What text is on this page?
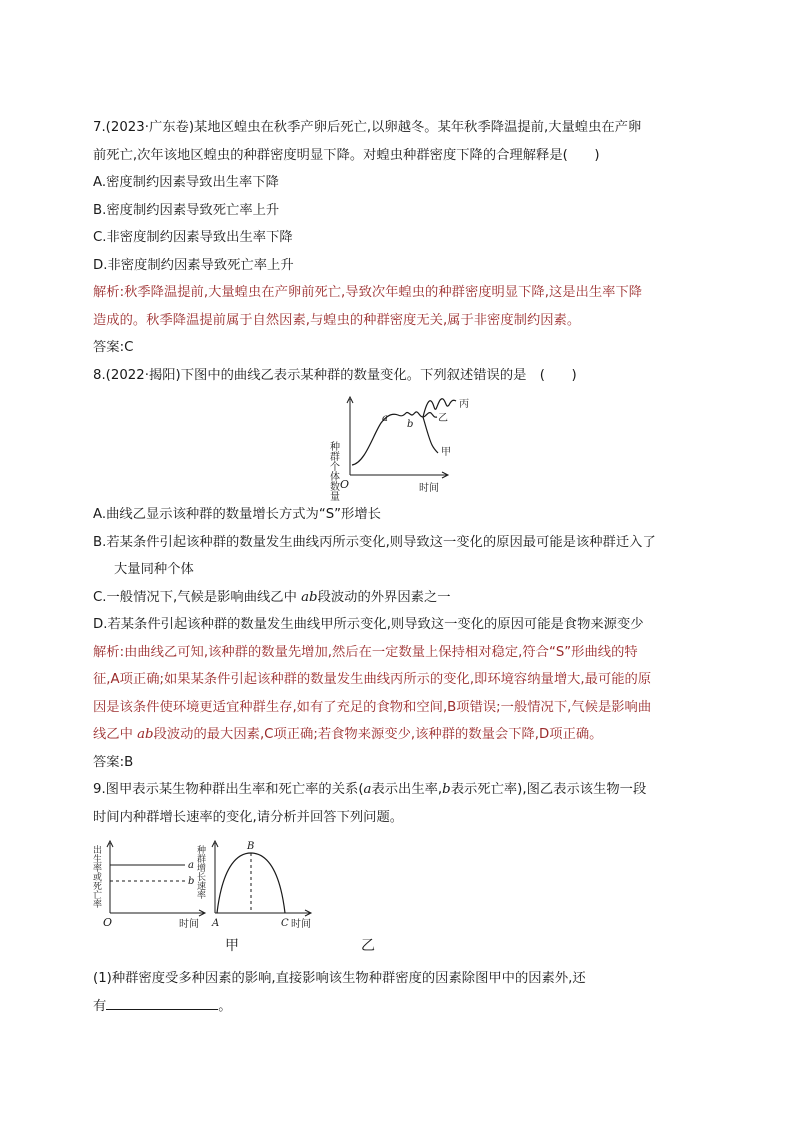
7.(2023·广东卷)某地区蝗虫在秋季产卵后死亡,以卵越冬。某年秋季降温提前,大量蝗虫在产卵
前死亡,次年该地区蝗虫的种群密度明显下降。对蝗虫种群密度下降的合理解释是(　　)
A.密度制约因素导致出生率下降
B.密度制约因素导致死亡率上升
C.非密度制约因素导致出生率下降
D.非密度制约因素导致死亡率上升
解析:秋季降温提前,大量蝗虫在产卵前死亡,导致次年蝗虫的种群密度明显下降,这是出生率下降
造成的。秋季降温提前属于自然因素,与蝗虫的种群密度无关,属于非密度制约因素。
答案:C
8.(2022·揭阳)下图中的曲线乙表示某种群的数量变化。下列叙述错误的是　(　　)
种群个体数量	时间
O
a
b
丙
乙
甲
A.曲线乙显示该种群的数量增长方式为“S”形增长
B.若某条件引起该种群的数量发生曲线丙所示变化,则导致这一变化的原因最可能是该种群迁入了
大量同种个体
C.一般情况下,气候是影响曲线乙中 ab段波动的外界因素之一
D.若某条件引起该种群的数量发生曲线甲所示变化,则导致这一变化的原因可能是食物来源变少
解析:由曲线乙可知,该种群的数量先增加,然后在一定数量上保持相对稳定,符合“S”形曲线的特
征,A项正确;如果某条件引起该种群的数量发生曲线丙所示的变化,即环境容纳量增大,最可能的原
因是该条件使环境更适宜种群生存,如有了充足的食物和空间,B项错误;一般情况下,气候是影响曲
线乙中 ab段波动的最大因素,C项正确;若食物来源变少,该种群的数量会下降,D项正确。
答案:B
9.图甲表示某生物种群出生率和死亡率的关系(a表示出生率,b表示死亡率),图乙表示该生物一段
时间内种群增长速率的变化,请分析并回答下列问题。
a
b
出生率或死亡率
时间
O
种群增长速率
时间
A
B
C
甲	乙
(1)种群密度受多种因素的影响,直接影响该生物种群密度的因素除图甲中的因素外,还
有	。
